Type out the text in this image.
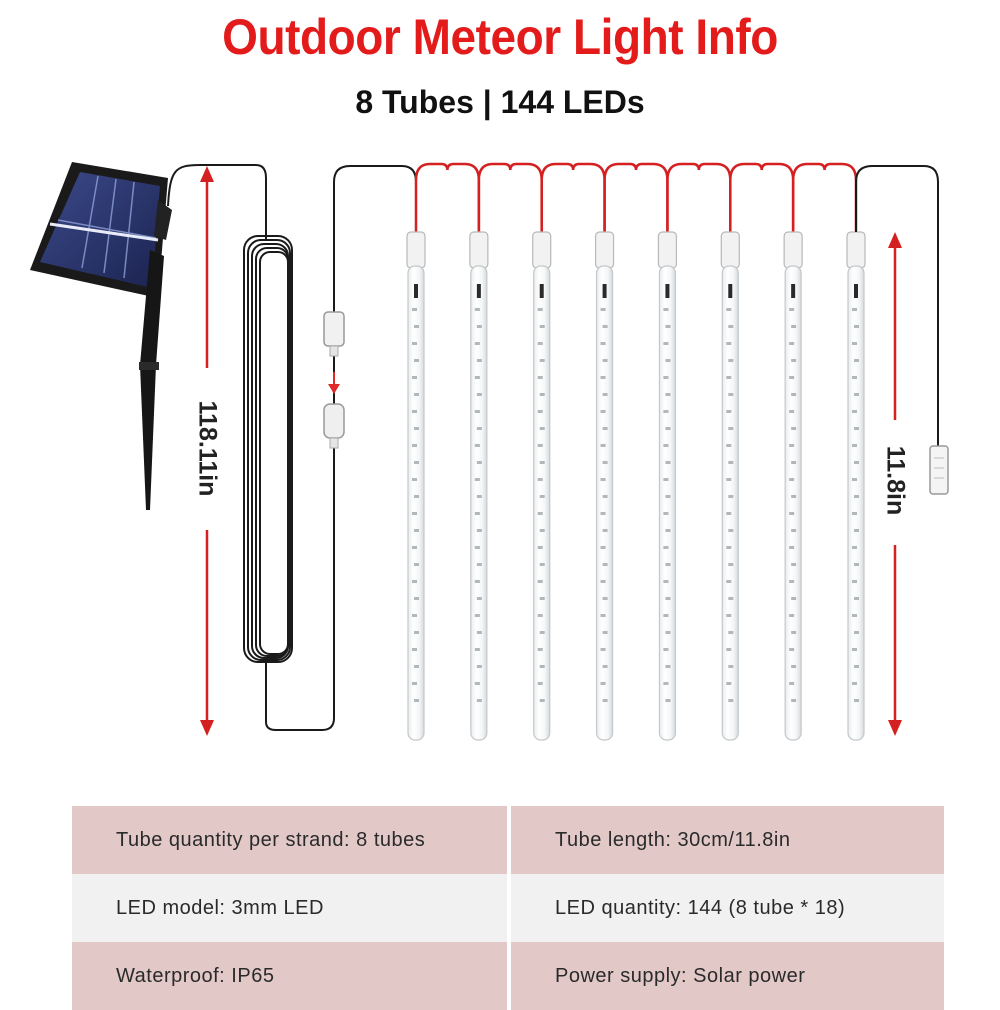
Outdoor Meteor Light Info
8 Tubes | 144 LEDs
118.11in	11.8in
Tube quantity per strand: 8 tubes	Tube length: 30cm/11.8in
LED model: 3mm LED	LED quantity: 144 (8 tube * 18)
Waterproof: IP65	Power supply: Solar power
